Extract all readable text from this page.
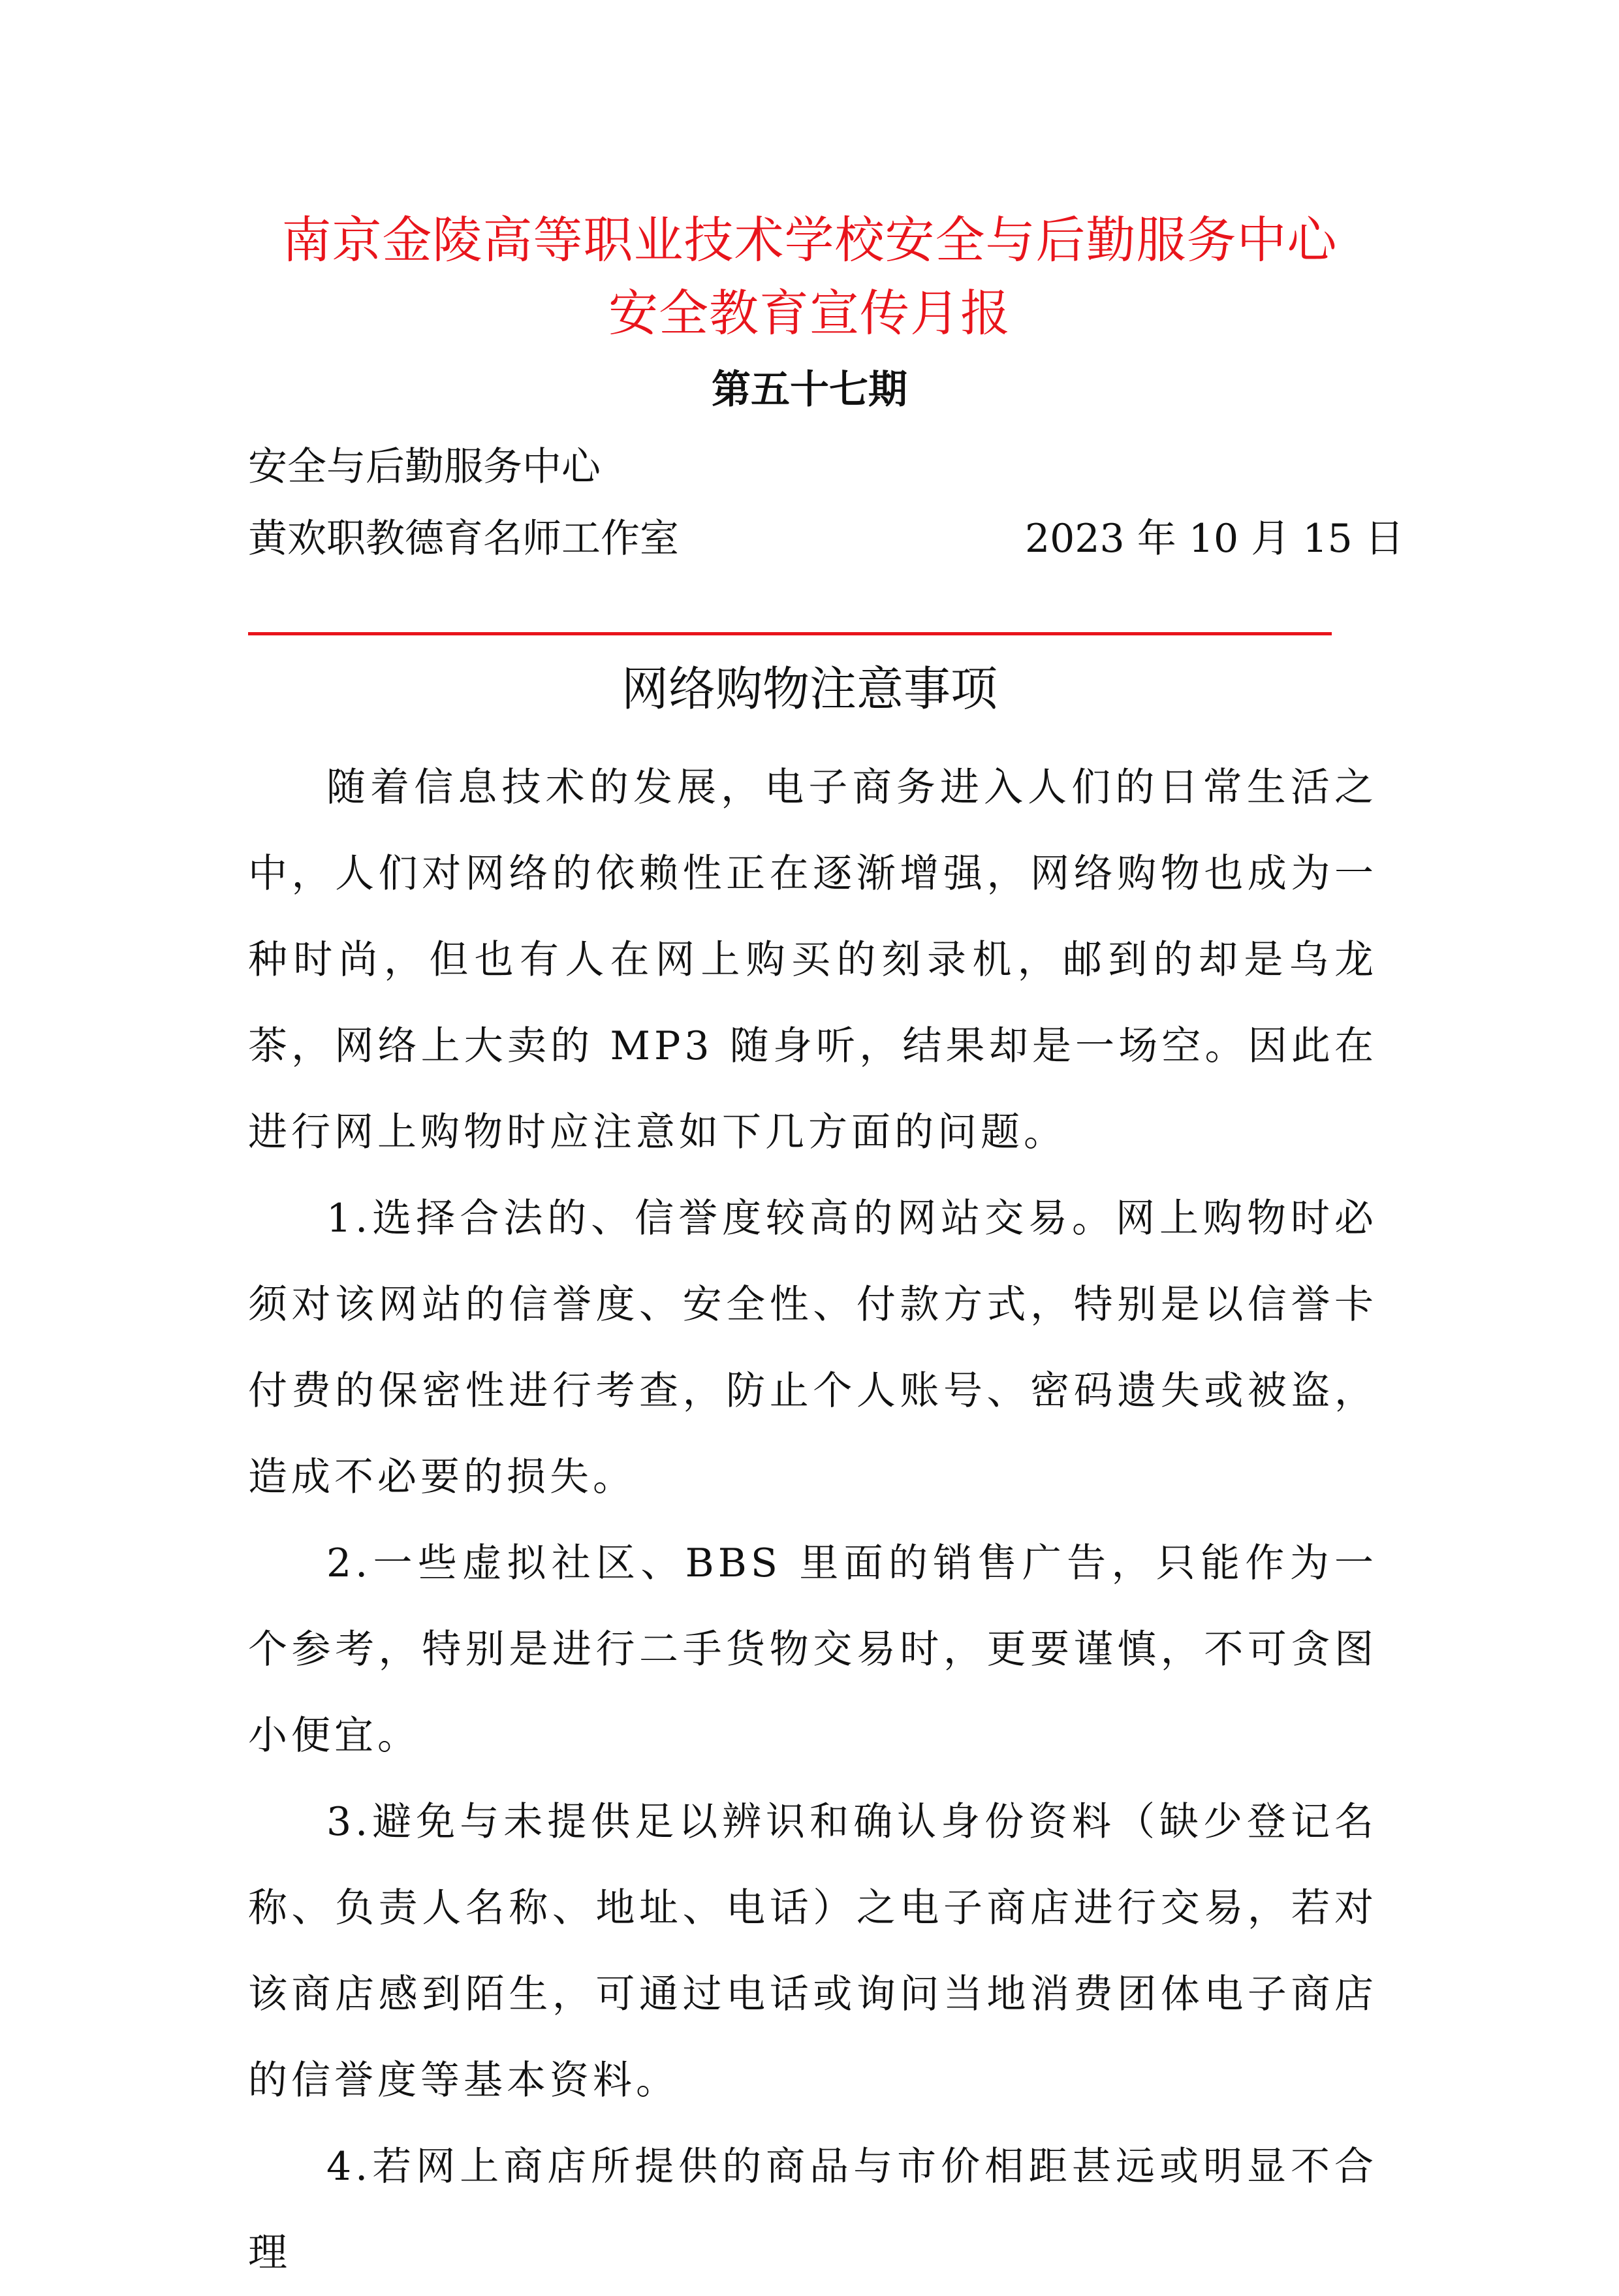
南京金陵高等职业技术学校安全与后勤服务中心
安全教育宣传月报
第五十七期
安全与后勤服务中心
黄欢职教德育名师工作室	2023 年 10 月 15 日
网络购物注意事项

随着信息技术的发展，电子商务进入人们的日常生活之中，人们对网络的依赖性正在逐渐增强，网络购物也成为一种时尚，但也有人在网上购买的刻录机，邮到的却是乌龙茶，网络上大卖的 MP3 随身听，结果却是一场空。因此在进行网上购物时应注意如下几方面的问题。

1.选择合法的、信誉度较高的网站交易。网上购物时必须对该网站的信誉度、安全性、付款方式，特别是以信誉卡付费的保密性进行考查，防止个人账号、密码遗失或被盗，造成不必要的损失。

2.一些虚拟社区、BBS 里面的销售广告，只能作为一个参考，特别是进行二手货物交易时，更要谨慎，不可贪图小便宜。

3.避免与未提供足以辨识和确认身份资料（缺少登记名称、负责人名称、地址、电话）之电子商店进行交易，若对该商店感到陌生，可通过电话或询问当地消费团体电子商店的信誉度等基本资料。

4.若网上商店所提供的商品与市价相距甚远或明显不合理
